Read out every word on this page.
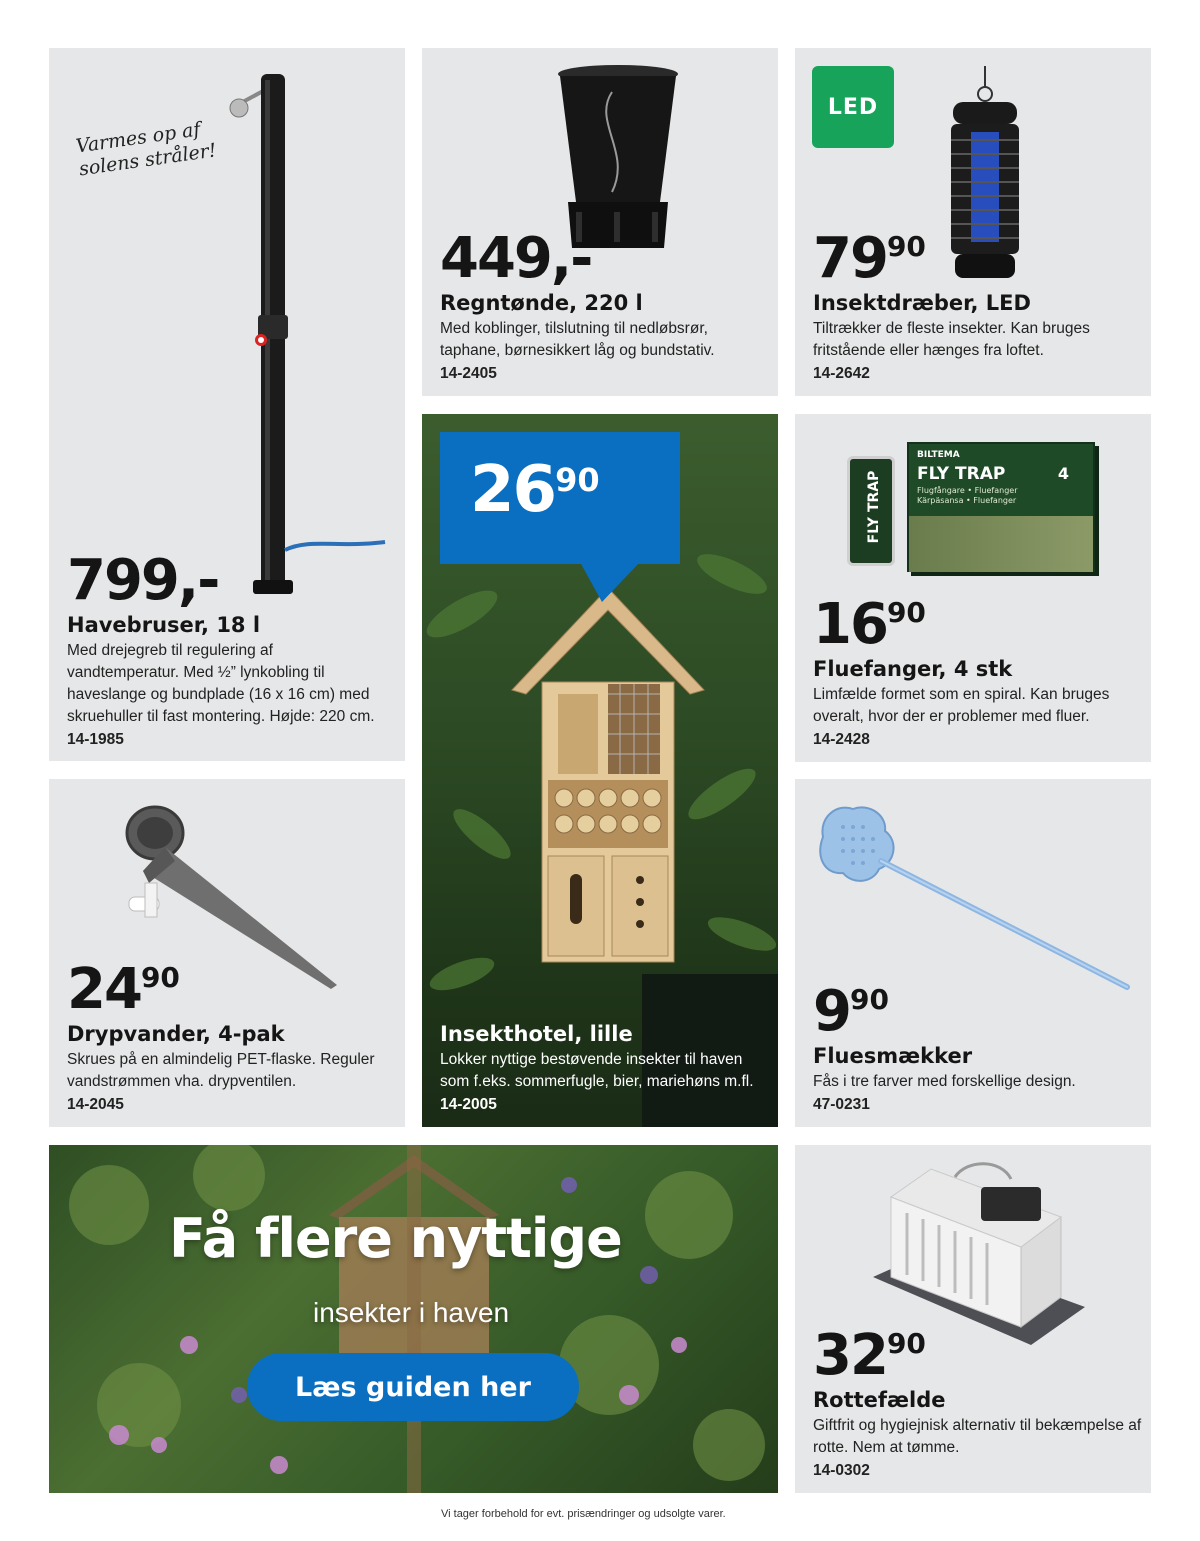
Varmes op af
solens stråler!
799,-
Havebruser, 18 l
Med drejegreb til regulering af vandtemperatur. Med ½” lynkobling til haveslange og bundplade (16 x 16 cm) med skruehuller til fast montering. Højde: 220 cm.
14-1985
449,-
Regntønde, 220 l
Med koblinger, tilslutning til nedløbsrør, taphane, børnesikkert låg og bundstativ.
14-2405
LED
7990
Insektdræber, LED
Tiltrækker de fleste insekter. Kan bruges fritstående eller hænges fra loftet.
14-2642
2690
Insekthotel, lille
Lokker nyttige bestøvende insekter til haven som f.eks. sommerfugle, bier, mariehøns m.fl.
14-2005
FLY TRAP
BILTEMA
FLY TRAP
Flugfångare • Fluefanger
Kärpäsansa • Fluefanger
4
1690
Fluefanger, 4 stk
Limfælde formet som en spiral. Kan bruges overalt, hvor der er problemer med fluer.
14-2428
2490
Drypvander, 4-pak
Skrues på en almindelig PET-flaske. Reguler vandstrømmen vha. drypventilen.
14-2045
990
Fluesmækker
Fås i tre farver med forskellige design.
47-0231
Få flere nyttige
insekter i haven
Læs guiden her	3290
Rottefælde
Giftfrit og hygiejnisk alternativ til bekæmpelse af rotte. Nem at tømme.
14-0302
Vi tager forbehold for evt. prisændringer og udsolgte varer.
